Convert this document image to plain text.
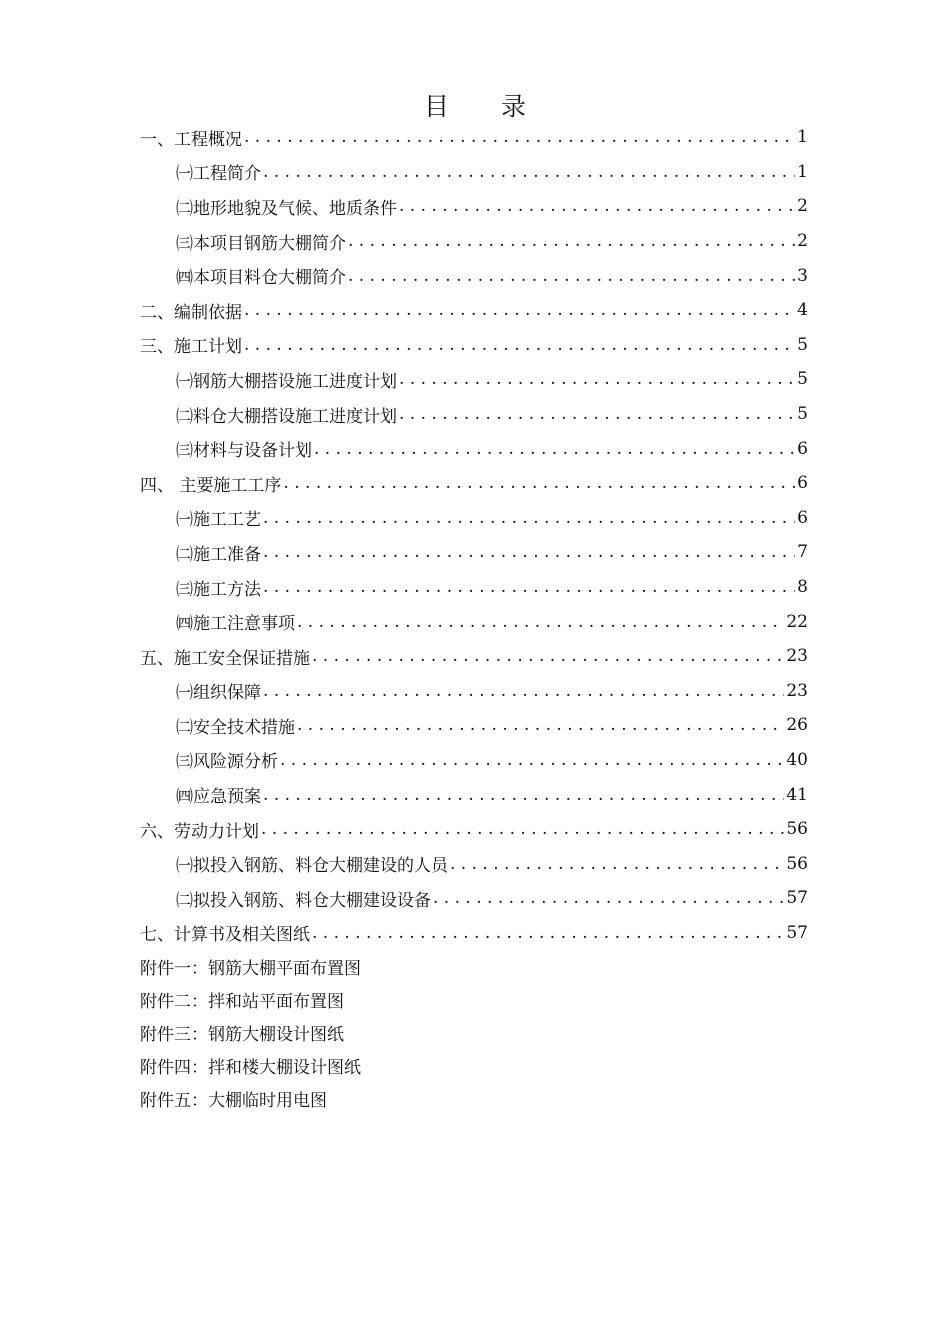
目 录
一、工程概况 . . .	1
㈠工程简介 . . .	1
㈡地形地貌及气候、地质条件 . . .	2
㈢本项目钢筋大棚简介 . . .	2
㈣本项目料仓大棚简介 . . .	3
二、编制依据 . . .	4
三、施工计划 . . .	5
㈠钢筋大棚搭设施工进度计划 . . .	5
㈡料仓大棚搭设施工进度计划 . . .	5
㈢材料与设备计划 . . .	6
四、 主要施工工序 . . .	6
㈠施工工艺 . . .	6
㈡施工准备 . . .	7
㈢施工方法 . . .	8
㈣施工注意事项 . . .	22
五、施工安全保证措施 . . .	23
㈠组织保障 . . .	23
㈡安全技术措施 . . .	26
㈢风险源分析 . . .	40
㈣应急预案 . . .	41
六、劳动力计划 . . .	56
㈠拟投入钢筋、料仓大棚建设的人员 . . .	56
㈡拟投入钢筋、料仓大棚建设设备 . . .	57
七、计算书及相关图纸 . . .	57
附件一：钢筋大棚平面布置图
附件二：拌和站平面布置图
附件三：钢筋大棚设计图纸
附件四：拌和楼大棚设计图纸
附件五：大棚临时用电图
